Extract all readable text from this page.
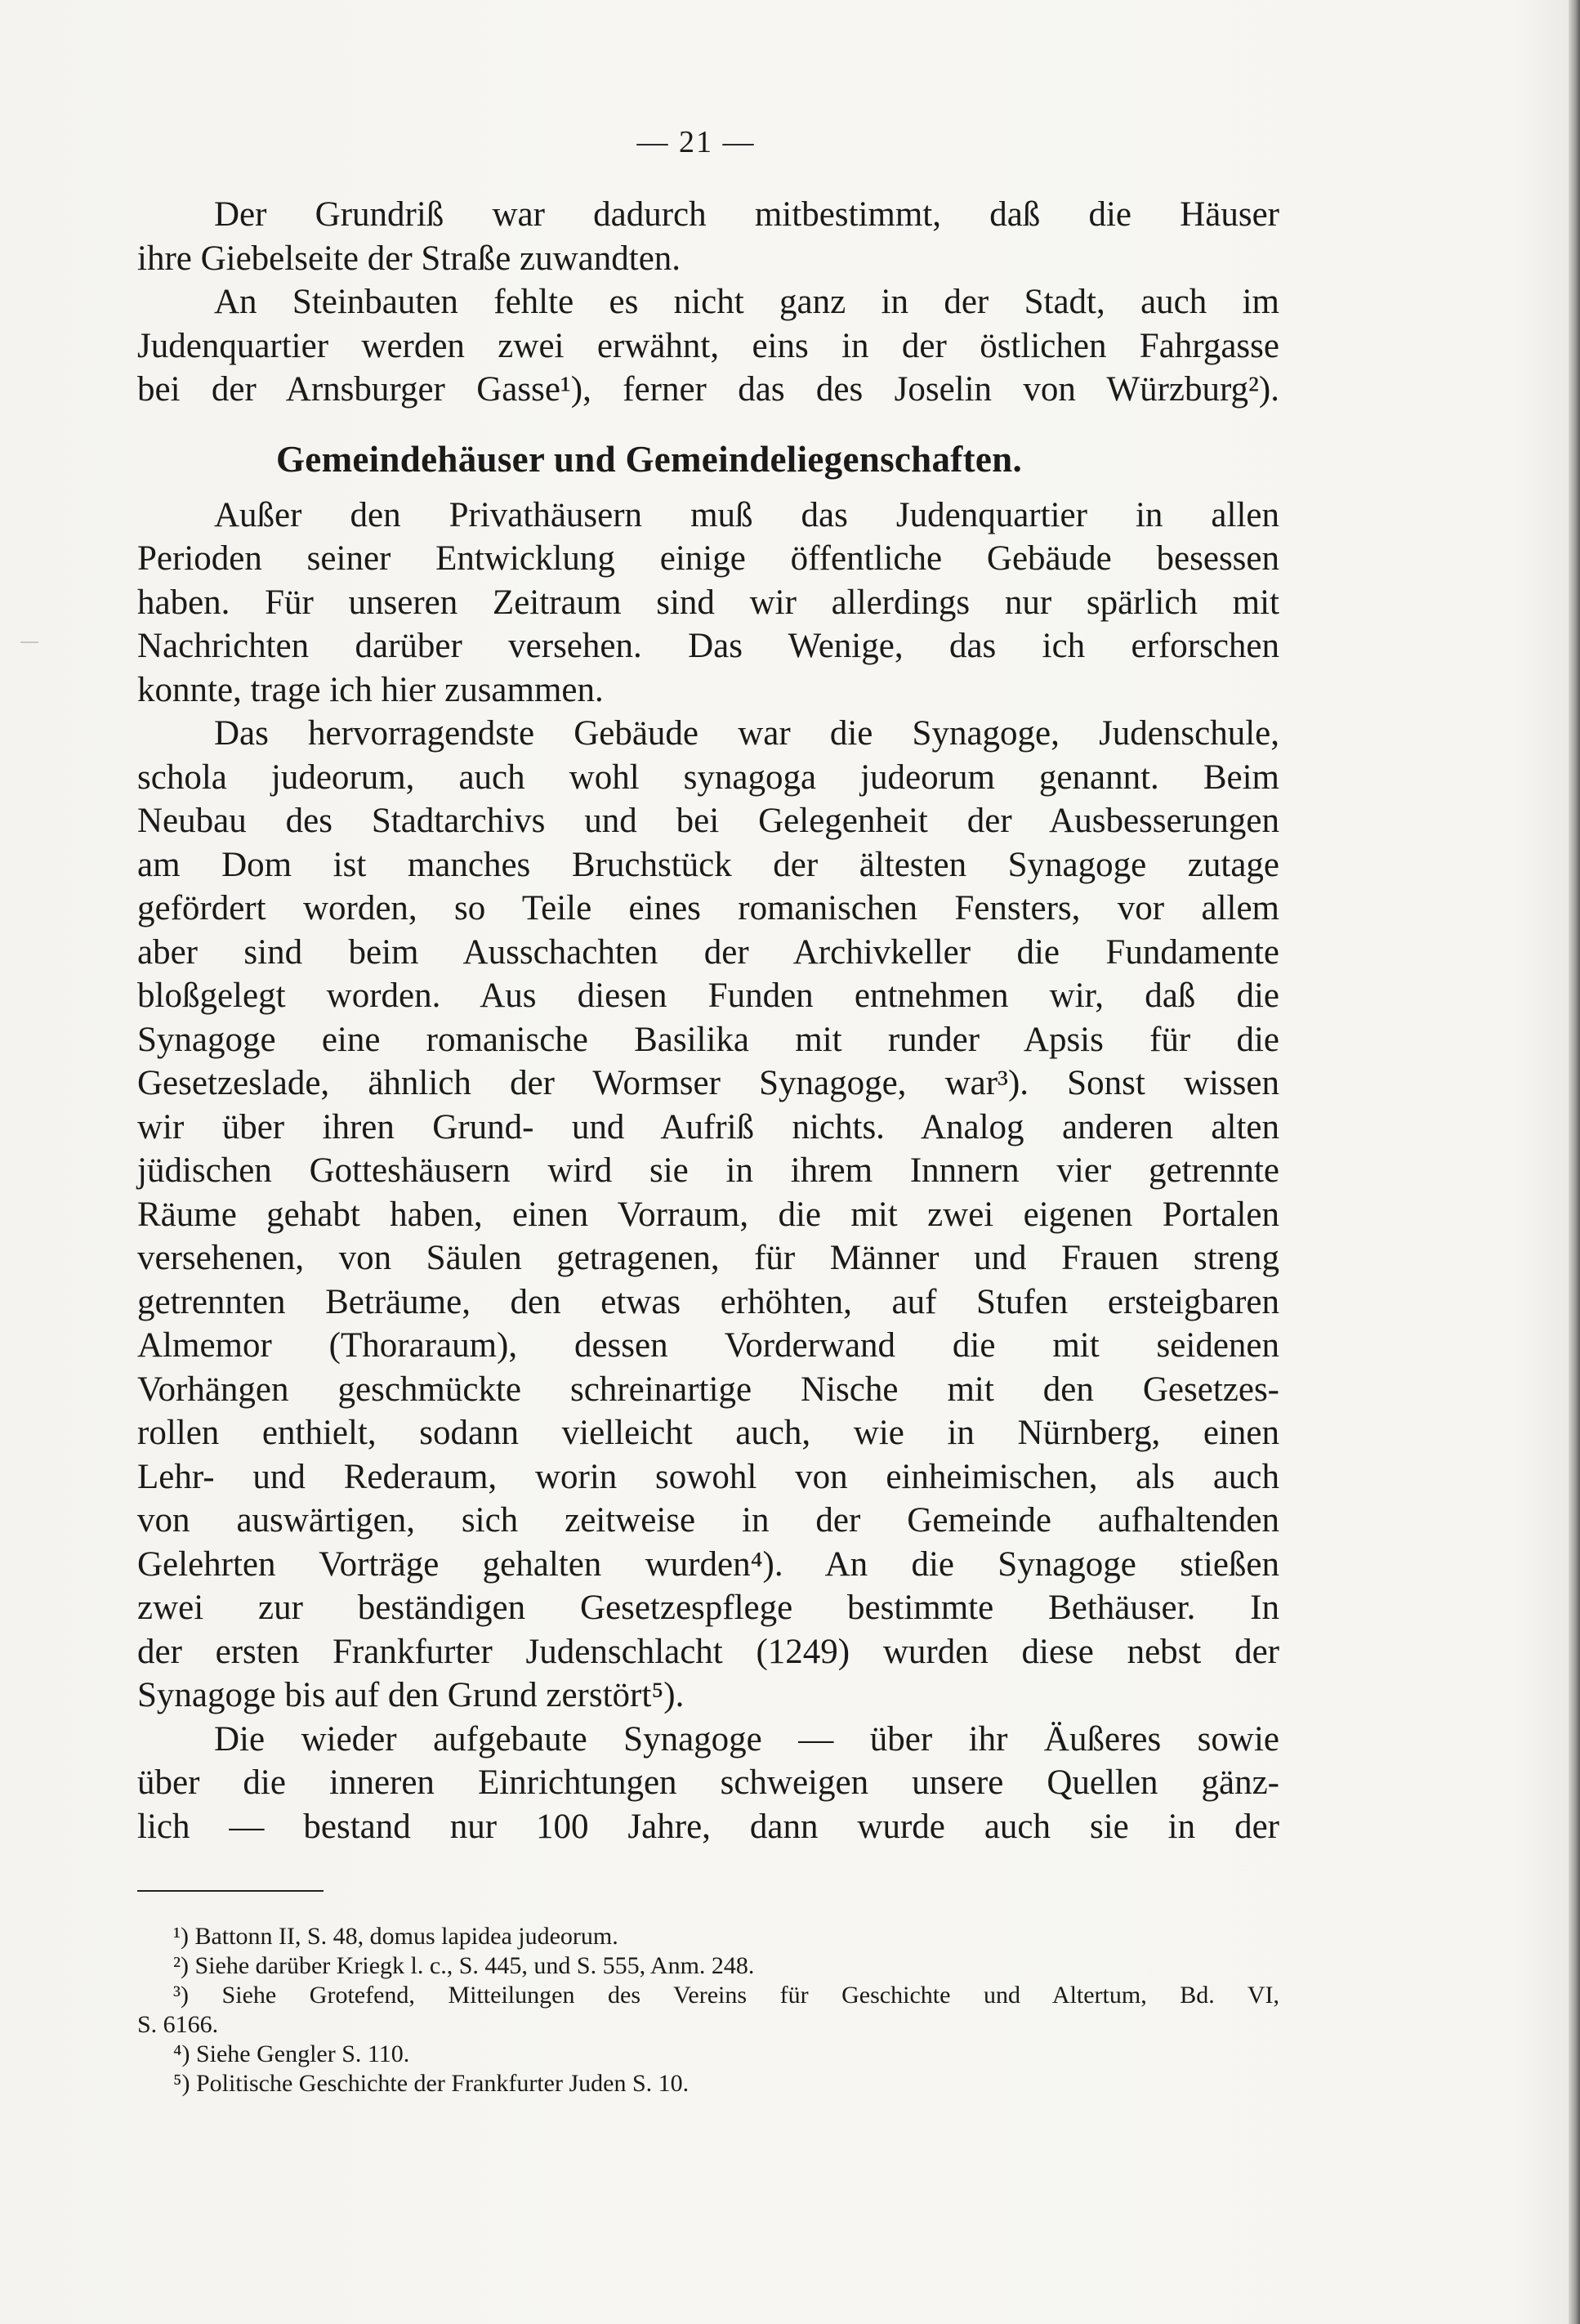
— 21 —
Der Grundriß war dadurch mitbestimmt, daß die Häuser
ihre Giebelseite der Straße zuwandten.
An Steinbauten fehlte es nicht ganz in der Stadt, auch im
Judenquartier werden zwei erwähnt, eins in der östlichen Fahrgasse
bei der Arnsburger Gasse¹), ferner das des Joselin von Würzburg²).
Gemeindehäuser und Gemeindeliegenschaften.
Außer den Privathäusern muß das Judenquartier in allen
Perioden seiner Entwicklung einige öffentliche Gebäude besessen
haben. Für unseren Zeitraum sind wir allerdings nur spärlich mit
Nachrichten darüber versehen. Das Wenige, das ich erforschen
konnte, trage ich hier zusammen.
Das hervorragendste Gebäude war die Synagoge, Judenschule,
schola judeorum, auch wohl synagoga judeorum genannt. Beim
Neubau des Stadtarchivs und bei Gelegenheit der Ausbesserungen
am Dom ist manches Bruchstück der ältesten Synagoge zutage
gefördert worden, so Teile eines romanischen Fensters, vor allem
aber sind beim Ausschachten der Archivkeller die Fundamente
bloßgelegt worden. Aus diesen Funden entnehmen wir, daß die
Synagoge eine romanische Basilika mit runder Apsis für die
Gesetzeslade, ähnlich der Wormser Synagoge, war³). Sonst wissen
wir über ihren Grund- und Aufriß nichts. Analog anderen alten
jüdischen Gotteshäusern wird sie in ihrem Innnern vier getrennte
Räume gehabt haben, einen Vorraum, die mit zwei eigenen Portalen
versehenen, von Säulen getragenen, für Männer und Frauen streng
getrennten Beträume, den etwas erhöhten, auf Stufen ersteigbaren
Almemor (Thoraraum), dessen Vorderwand die mit seidenen
Vorhängen geschmückte schreinartige Nische mit den Gesetzes-
rollen enthielt, sodann vielleicht auch, wie in Nürnberg, einen
Lehr- und Rederaum, worin sowohl von einheimischen, als auch
von auswärtigen, sich zeitweise in der Gemeinde aufhaltenden
Gelehrten Vorträge gehalten wurden⁴). An die Synagoge stießen
zwei zur beständigen Gesetzespflege bestimmte Bethäuser. In
der ersten Frankfurter Judenschlacht (1249) wurden diese nebst der
Synagoge bis auf den Grund zerstört⁵).
Die wieder aufgebaute Synagoge — über ihr Äußeres sowie
über die inneren Einrichtungen schweigen unsere Quellen gänz-
lich — bestand nur 100 Jahre, dann wurde auch sie in der
¹) Battonn II, S. 48, domus lapidea judeorum.
²) Siehe darüber Kriegk l. c., S. 445, und S. 555, Anm. 248.
³) Siehe Grotefend, Mitteilungen des Vereins für Geschichte und Altertum, Bd. VI,
S. 6166.
⁴) Siehe Gengler S. 110.
⁵) Politische Geschichte der Frankfurter Juden S. 10.
